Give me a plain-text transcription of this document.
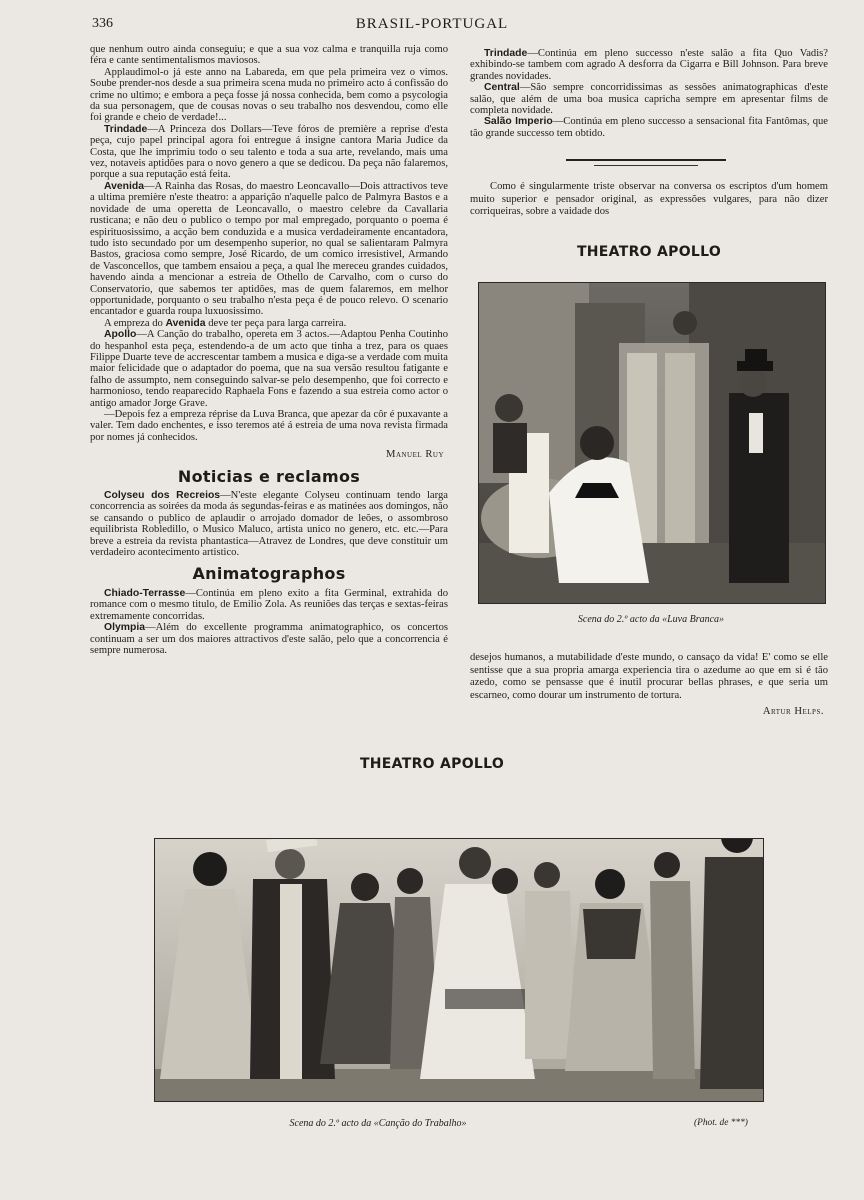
336	BRASIL-PORTUGAL

que nenhum outro ainda conseguiu; e que a sua voz calma e tranquilla ruja como féra e cante sentimentalismos maviosos.

Applaudimol-o já este anno na Labareda, em que pela primeira vez o vimos. Soube prender-nos desde a sua primeira scena muda no primeiro acto á confissão do crime no ultimo; e embora a peça fosse já nossa conhecida, bem como a psycologia da sua personagem, que de cousas novas o seu trabalho nos desvendou, como elle foi grande e cheio de verdade!...

Trindade—A Princeza dos Dollars—Teve fóros de première a reprise d'esta peça, cujo papel principal agora foi entregue á insigne cantora Maria Judice da Costa, que lhe imprimiu todo o seu talento e toda a sua arte, revelando, mais uma vez, notaveis aptidões para o novo genero a que se dedicou. Da peça não falaremos, porque a sua reputação está feita.

Avenida—A Rainha das Rosas, do maestro Leoncavallo—Dois attractivos teve a ultima première n'este theatro: a apparição n'aquelle palco de Palmyra Bastos e a novidade de uma operetta de Leoncavallo, o maestro celebre da Cavallaria rusticana; e não deu o publico o tempo por mal empregado, porquanto o poema é espirituosissimo, a acção bem conduzida e a musica verdadeiramente encantadora, tudo isto secundado por um desempenho superior, no qual se salientaram Palmyra Bastos, graciosa como sempre, José Ricardo, de um comico irresistivel, Armando de Vasconcellos, que tambem ensaiou a peça, a qual lhe mereceu grandes cuidados, havendo ainda a mencionar a estreia de Othello de Carvalho, com o curso do Conservatorio, que sabemos ter aptidões, mas de quem falaremos, em melhor opportunidade, porquanto o seu trabalho n'esta peça é de pouco relevo. O scenario encantador e guarda roupa luxuosissimo.

A empreza do Avenida deve ter peça para larga carreira.

Apollo—A Canção do trabalho, opereta em 3 actos.—Adaptou Penha Coutinho do hespanhol esta peça, estendendo-a de um acto que tinha a trez, para os quaes Filippe Duarte teve de accrescentar tambem a musica e diga-se a verdade com muita maior felicidade que o adaptador do poema, que na sua versão resultou fatigante e falho de assumpto, nem conseguindo salvar-se pelo desempenho, que foi correcto e harmonioso, tendo reaparecido Raphaela Fons e fazendo a sua estreia como actor o antigo amador Jorge Grave.

—Depois fez a empreza réprise da Luva Branca, que apezar da côr é puxavante a valer. Tem dado enchentes, e isso teremos até á estreia de uma nova revista firmada por nomes já conhecidos.

Manuel Ruy

Noticias e reclamos

Colyseu dos Recreios—N'este elegante Colyseu continuam tendo larga concorrencia as soirées da moda ás segundas-feiras e as matinées aos domingos, não se cansando o publico de aplaudir o arrojado domador de leões, o assombroso equilibrista Robledillo, o Musico Maluco, artista unico no genero, etc. etc.—Para breve a estreia da revista phantastica—Atravez de Londres, que deve constituir um verdadeiro acontecimento artistico.

Animatographos

Chiado-Terrasse—Continúa em pleno exito a fita Germinal, extrahida do romance com o mesmo titulo, de Emilio Zola. As reuniões das terças e sextas-feiras extremamente concorridas.

Olympia—Além do excellente programma animatographico, os concertos continuam a ser um dos maiores attractivos d'este salão, pelo que a concorrencia é sempre numerosa.

Trindade—Continúa em pleno successo n'este salão a fita Quo Vadis? exhibindo-se tambem com agrado A desforra da Cigarra e Bill Johnson. Para breve grandes novidades.

Central—São sempre concorridissimas as sessões animatographicas d'este salão, que além de uma boa musica capricha sempre em apresentar films de completa novidade.

Salão Imperio—Continúa em pleno successo a sensacional fita Fantômas, que tão grande successo tem obtido.

Como é singularmente triste observar na conversa os escriptos d'um homem muito superior e pensador original, as expressões vulgares, para não dizer corriqueiras, sobre a vaidade dos
THEATRO APOLLO
Scena do 2.º acto da «Luva Branca»
desejos humanos, a mutabilidade d'este mundo, o cansaço da vida! E' como se elle sentisse que a sua propria amarga experiencia tira o azedume ao que em si é tão azedo, como se pensasse que é inutil procurar bellas phrases, e que seria um escarneo, como dourar um instrumento de tortura.

Artur Helps.

THEATRO APOLLO
Scena do 2.º acto da «Canção do Trabalho»	(Phot. de ***)
